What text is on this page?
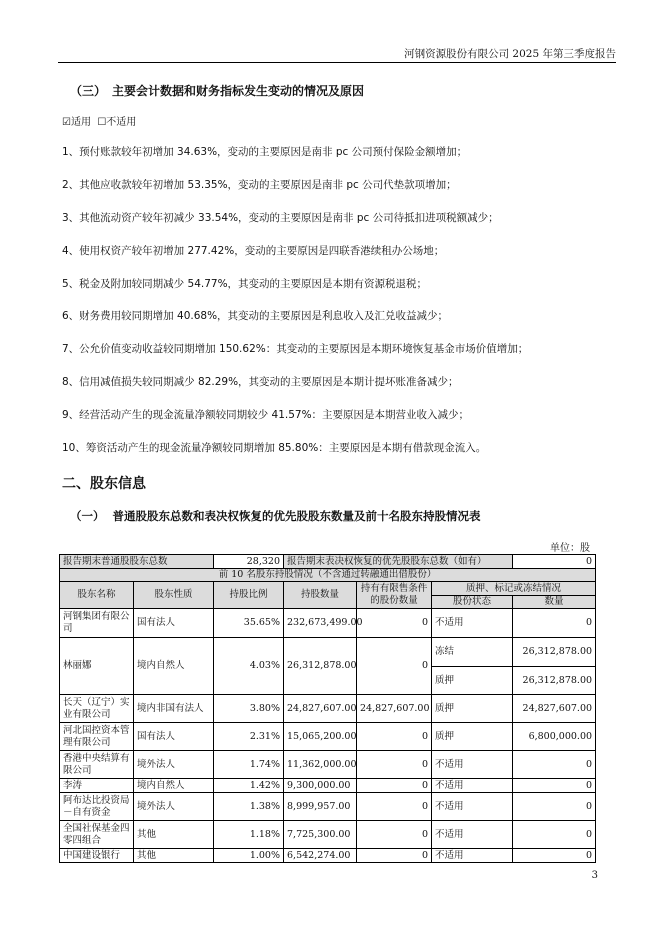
河钢资源股份有限公司 2025 年第三季度报告
（三） 主要会计数据和财务指标发生变动的情况及原因
☑适用 ☐不适用
1、预付账款较年初增加 34.63%，变动的主要原因是南非 pc 公司预付保险金额增加；
2、其他应收款较年初增加 53.35%，变动的主要原因是南非 pc 公司代垫款项增加；
3、其他流动资产较年初减少 33.54%，变动的主要原因是南非 pc 公司待抵扣进项税额减少；
4、使用权资产较年初增加 277.42%，变动的主要原因是四联香港续租办公场地；
5、税金及附加较同期减少 54.77%，其变动的主要原因是本期有资源税退税；
6、财务费用较同期增加 40.68%，其变动的主要原因是利息收入及汇兑收益减少；
7、公允价值变动收益较同期增加 150.62%：其变动的主要原因是本期环境恢复基金市场价值增加；
8、信用减值损失较同期减少 82.29%，其变动的主要原因是本期计提坏账准备减少；
9、经营活动产生的现金流量净额较同期较少 41.57%：主要原因是本期营业收入减少；
10、筹资活动产生的现金流量净额较同期增加 85.80%：主要原因是本期有借款现金流入。
二、股东信息
（一） 普通股股东总数和表决权恢复的优先股股东数量及前十名股东持股情况表
单位：股
报告期末普通股股东总数		28,320	报告期末表决权恢复的优先股股东总数（如有）			0
前 10 名股东持股情况（不含通过转融通出借股份）						
股东名称	股东性质	持股比例	持股数量	持有有限售条件的股份数量	质押、标记或冻结情况	
					股份状态	数量
河钢集团有限公司	国有法人	35.65%	232,673,499.00	0	不适用	0
林丽娜	境内自然人	4.03%	26,312,878.00	0	冻结	26,312,878.00
					质押	26,312,878.00
长天（辽宁）实业有限公司	境内非国有法人	3.80%	24,827,607.00	24,827,607.00	质押	24,827,607.00
河北国控资本管理有限公司	国有法人	2.31%	15,065,200.00	0	质押	6,800,000.00
香港中央结算有限公司	境外法人	1.74%	11,362,000.00	0	不适用	0
李涛	境内自然人	1.42%	9,300,000.00	0	不适用	0
阿布达比投资局－自有资金	境外法人	1.38%	8,999,957.00	0	不适用	0
全国社保基金四零四组合	其他	1.18%	7,725,300.00	0	不适用	0
中国建设银行	其他	1.00%	6,542,274.00	0	不适用	0
3
